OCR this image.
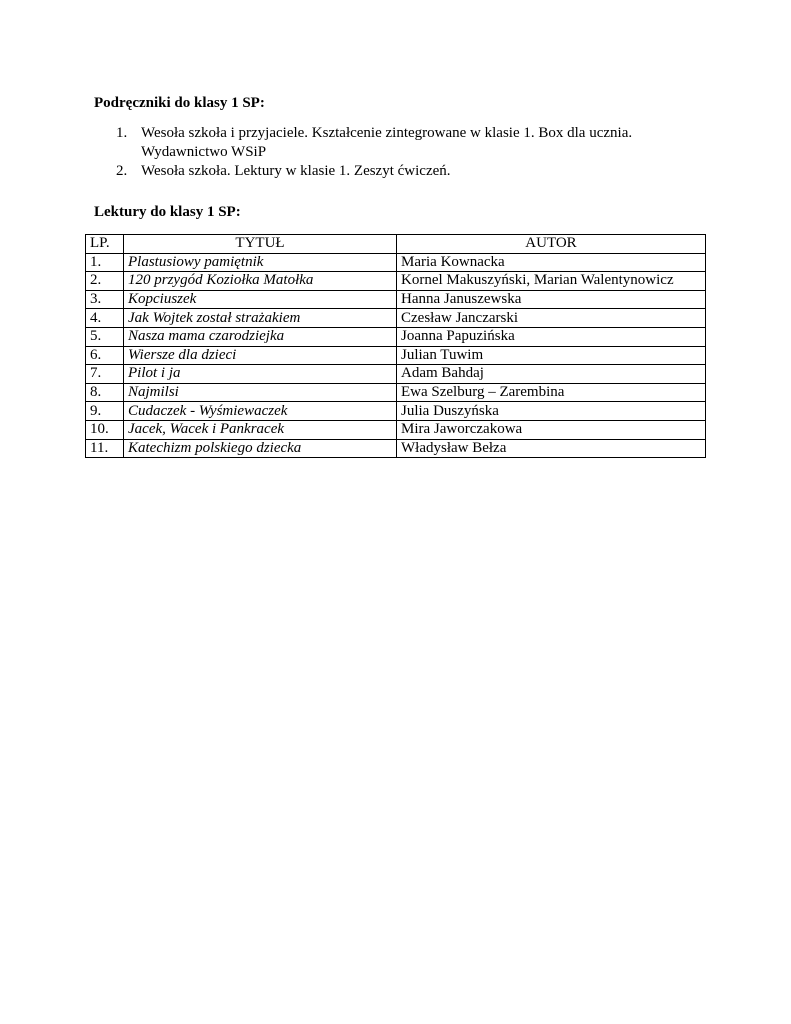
Podręczniki do klasy 1 SP:
1. Wesoła szkoła i przyjaciele. Kształcenie zintegrowane w klasie 1. Box dla ucznia. Wydawnictwo WSiP
2. Wesoła szkoła. Lektury w klasie 1. Zeszyt ćwiczeń.
Lektury do klasy 1 SP:
LP.	TYTUŁ	AUTOR
1.	Plastusiowy pamiętnik	Maria Kownacka
2.	120 przygód Koziołka Matołka	Kornel Makuszyński, Marian Walentynowicz
3.	Kopciuszek	Hanna Januszewska
4.	Jak Wojtek został strażakiem	Czesław Janczarski
5.	Nasza mama czarodziejka	Joanna Papuzińska
6.	Wiersze dla dzieci	Julian Tuwim
7.	Pilot i ja	Adam Bahdaj
8.	Najmilsi	Ewa Szelburg – Zarembina
9.	Cudaczek - Wyśmiewaczek	Julia Duszyńska
10.	Jacek, Wacek i Pankracek	Mira Jaworczakowa
11.	Katechizm polskiego dziecka	Władysław Bełza
